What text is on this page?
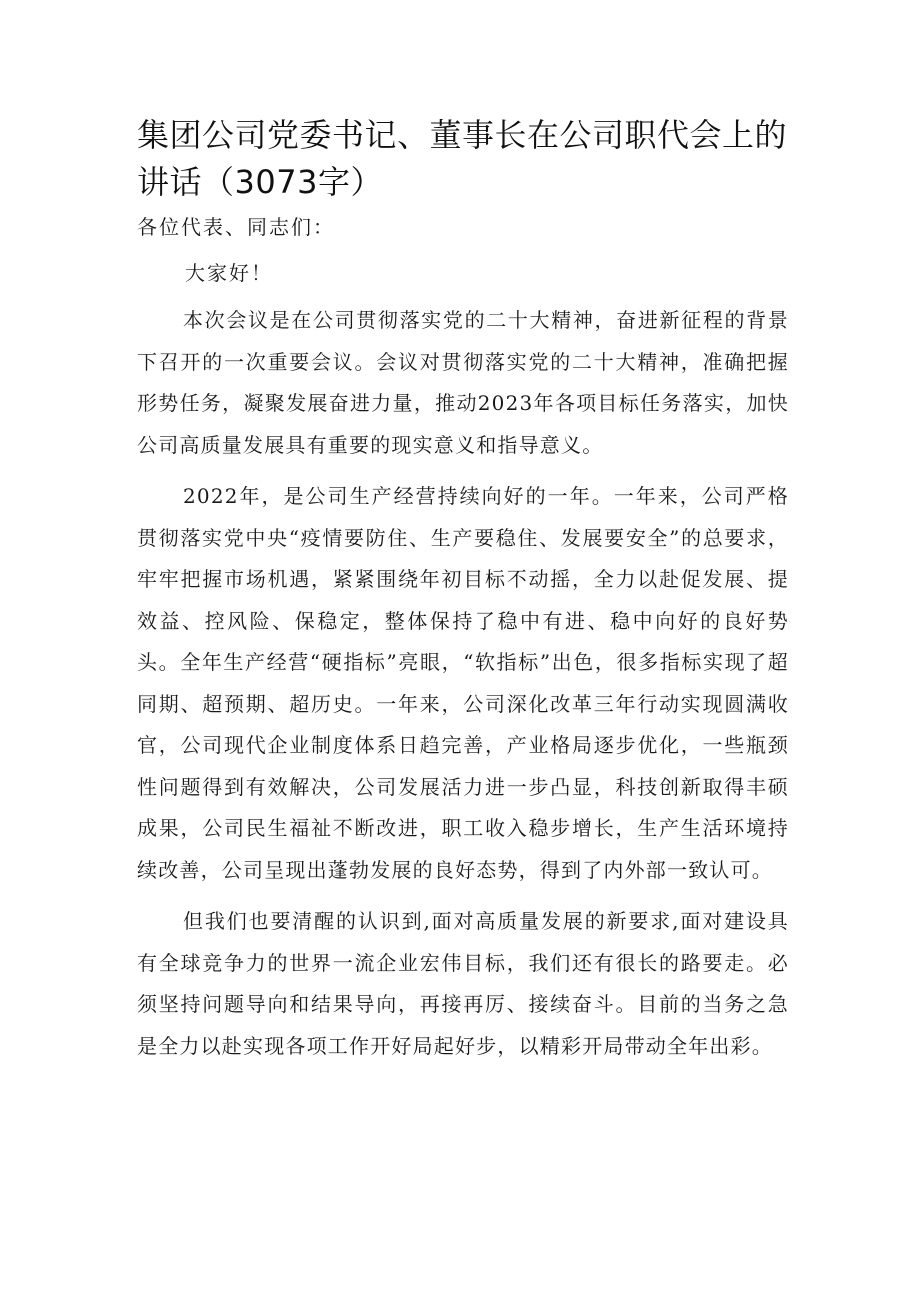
集团公司党委书记、董事长在公司职代会上的讲话（3073字）

各位代表、同志们：

大家好！

本次会议是在公司贯彻落实党的二十大精神，奋进新征程的背景下召开的一次重要会议。会议对贯彻落实党的二十大精神，准确把握形势任务，凝聚发展奋进力量，推动2023年各项目标任务落实，加快公司高质量发展具有重要的现实意义和指导意义。

2022年，是公司生产经营持续向好的一年。一年来，公司严格贯彻落实党中央“疫情要防住、生产要稳住、发展要安全”的总要求，牢牢把握市场机遇，紧紧围绕年初目标不动摇，全力以赴促发展、提效益、控风险、保稳定，整体保持了稳中有进、稳中向好的良好势头。全年生产经营“硬指标”亮眼，“软指标”出色，很多指标实现了超同期、超预期、超历史。一年来，公司深化改革三年行动实现圆满收官，公司现代企业制度体系日趋完善，产业格局逐步优化，一些瓶颈性问题得到有效解决，公司发展活力进一步凸显，科技创新取得丰硕成果，公司民生福祉不断改进，职工收入稳步增长，生产生活环境持续改善，公司呈现出蓬勃发展的良好态势，得到了内外部一致认可。

但我们也要清醒的认识到,面对高质量发展的新要求,面对建设具有全球竞争力的世界一流企业宏伟目标，我们还有很长的路要走。必须坚持问题导向和结果导向，再接再厉、接续奋斗。目前的当务之急是全力以赴实现各项工作开好局起好步，以精彩开局带动全年出彩。
